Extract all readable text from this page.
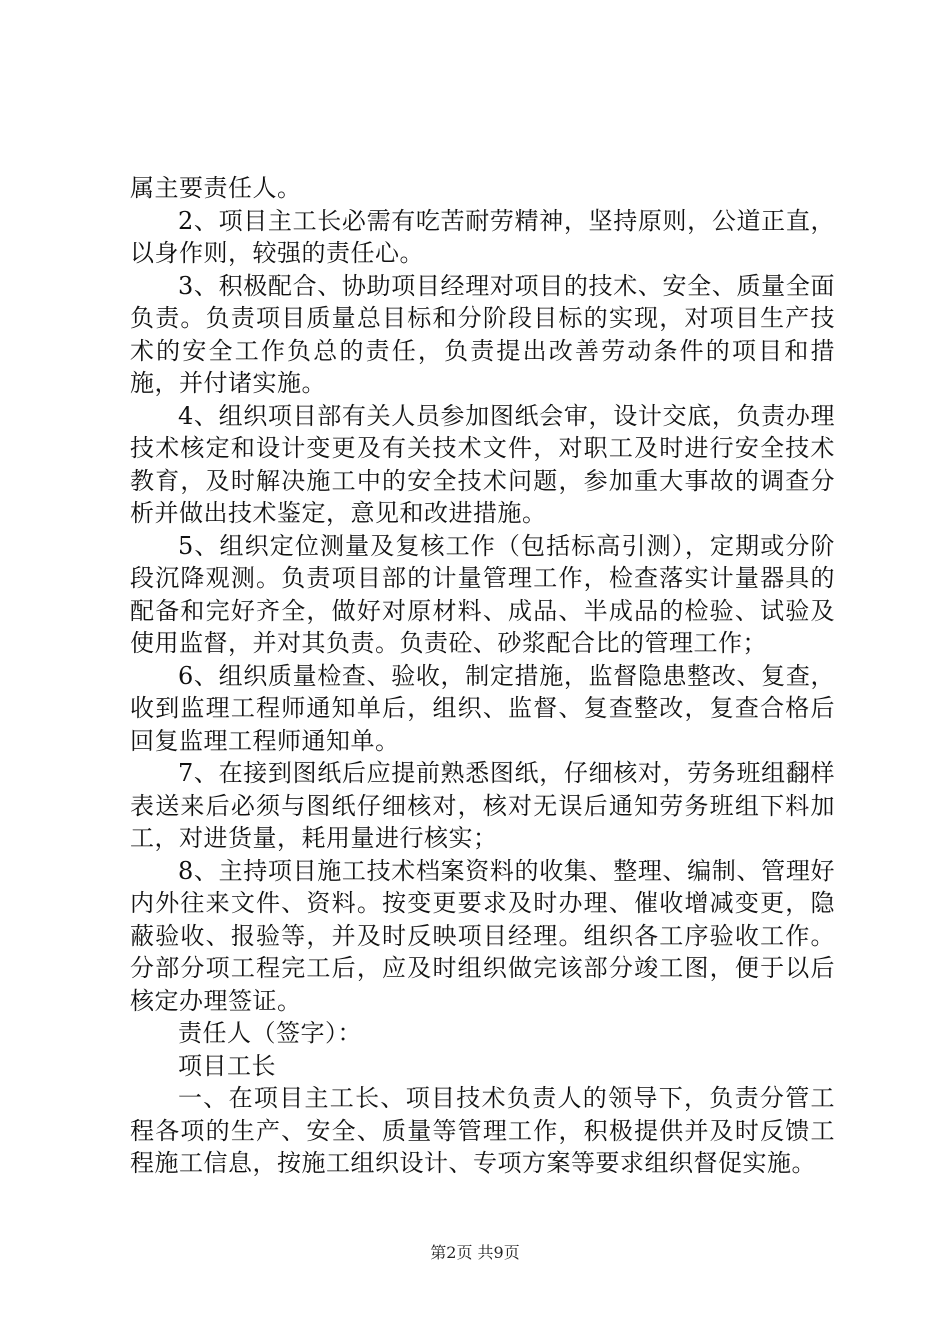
属主要责任人。

2、项目主工长必需有吃苦耐劳精神，坚持原则，公道正直，以身作则，较强的责任心。

3、积极配合、协助项目经理对项目的技术、安全、质量全面负责。负责项目质量总目标和分阶段目标的实现，对项目生产技术的安全工作负总的责任，负责提出改善劳动条件的项目和措施，并付诸实施。

4、组织项目部有关人员参加图纸会审，设计交底，负责办理技术核定和设计变更及有关技术文件，对职工及时进行安全技术教育，及时解决施工中的安全技术问题，参加重大事故的调查分析并做出技术鉴定，意见和改进措施。

5、组织定位测量及复核工作（包括标高引测），定期或分阶段沉降观测。负责项目部的计量管理工作，检查落实计量器具的配备和完好齐全，做好对原材料、成品、半成品的检验、试验及使用监督，并对其负责。负责砼、砂浆配合比的管理工作；

6、组织质量检查、验收，制定措施，监督隐患整改、复查，收到监理工程师通知单后，组织、监督、复查整改，复查合格后回复监理工程师通知单。

7、在接到图纸后应提前熟悉图纸，仔细核对，劳务班组翻样表送来后必须与图纸仔细核对，核对无误后通知劳务班组下料加工，对进货量，耗用量进行核实；

8、主持项目施工技术档案资料的收集、整理、编制、管理好内外往来文件、资料。按变更要求及时办理、催收增减变更，隐蔽验收、报验等，并及时反映项目经理。组织各工序验收工作。分部分项工程完工后，应及时组织做完该部分竣工图，便于以后核定办理签证。

责任人（签字）：

项目工长

一、在项目主工长、项目技术负责人的领导下，负责分管工程各项的生产、安全、质量等管理工作，积极提供并及时反馈工程施工信息，按施工组织设计、专项方案等要求组织督促实施。

第2页 共9页
